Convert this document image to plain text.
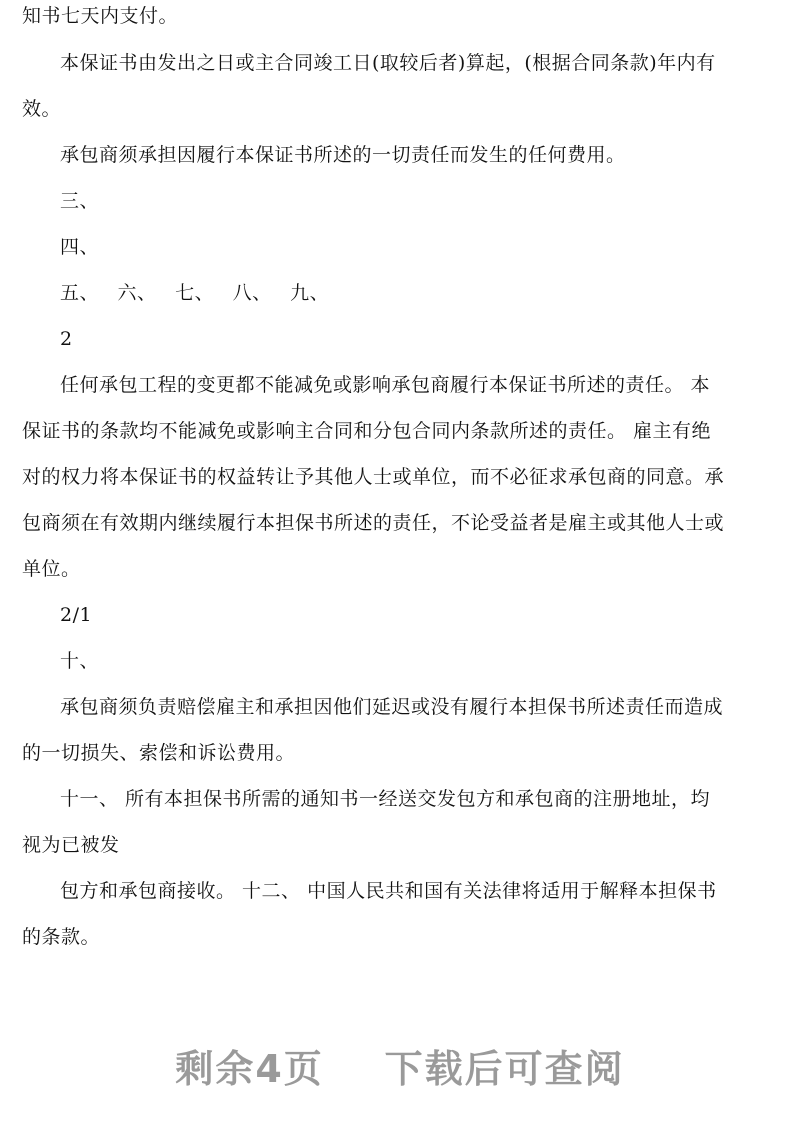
知书七天内支付。
本保证书由发出之日或主合同竣工日(取较后者)算起，(根据合同条款)年内有
效。
承包商须承担因履行本保证书所述的一切责任而发生的任何费用。
三、
四、
五、 六、 七、 八、 九、
2
任何承包工程的变更都不能减免或影响承包商履行本保证书所述的责任。 本
保证书的条款均不能减免或影响主合同和分包合同内条款所述的责任。 雇主有绝
对的权力将本保证书的权益转让予其他人士或单位，而不必征求承包商的同意。承
包商须在有效期内继续履行本担保书所述的责任，不论受益者是雇主或其他人士或
单位。
2/1
十、
承包商须负责赔偿雇主和承担因他们延迟或没有履行本担保书所述责任而造成
的一切损失、索偿和诉讼费用。
十一、 所有本担保书所需的通知书一经送交发包方和承包商的注册地址，均
视为已被发
包方和承包商接收。 十二、 中国人民共和国有关法律将适用于解释本担保书
的条款。
剩余4页    下载后可查阅
